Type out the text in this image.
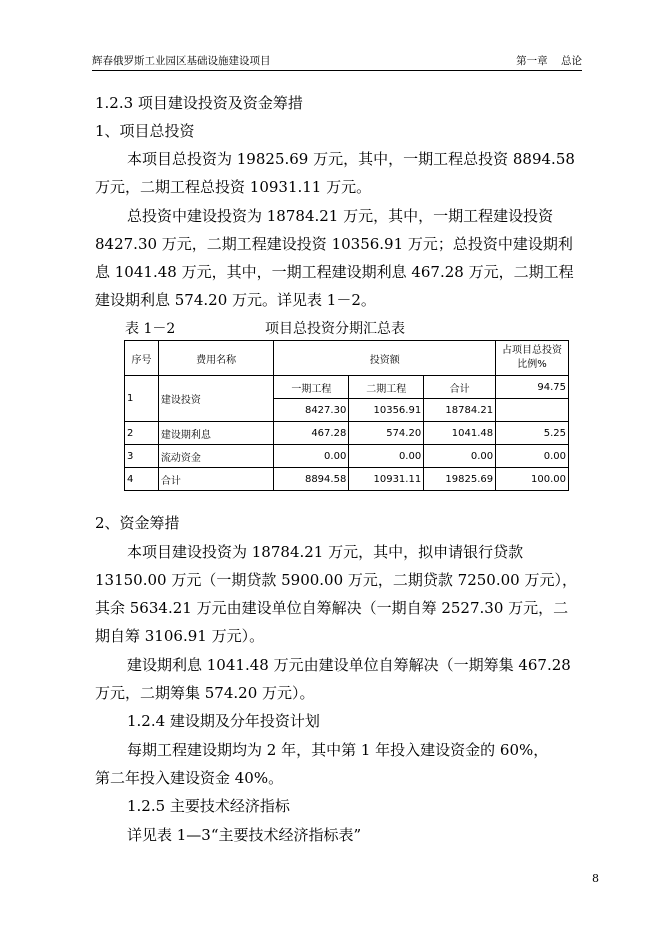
辉春俄罗斯工业园区基础设施建设项目	第一章 总论
1.2.3 项目建设投资及资金筹措
1、项目总投资
本项目总投资为 19825.69 万元，其中，一期工程总投资 8894.58
万元，二期工程总投资 10931.11 万元。
总投资中建设投资为 18784.21 万元，其中，一期工程建设投资
8427.30 万元，二期工程建设投资 10356.91 万元；总投资中建设期利
息 1041.48 万元，其中，一期工程建设期利息 467.28 万元，二期工程
建设期利息 574.20 万元。详见表 1－2。
表 1－2	项目总投资分期汇总表
序号	费用名称	投资额			占项目总投资比例%
1	建设投资	一期工程	二期工程	合计	94.75
		8427.30	10356.91	18784.21	
2	建设期利息	467.28	574.20	1041.48	5.25
3	流动资金	0.00	0.00	0.00	0.00
4	合计	8894.58	10931.11	19825.69	100.00
2、资金筹措
本项目建设投资为 18784.21 万元，其中，拟申请银行贷款
13150.00 万元（一期贷款 5900.00 万元，二期贷款 7250.00 万元），
其余 5634.21 万元由建设单位自筹解决（一期自筹 2527.30 万元，二
期自筹 3106.91 万元）。
建设期利息 1041.48 万元由建设单位自筹解决（一期筹集 467.28
万元，二期筹集 574.20 万元）。
1.2.4 建设期及分年投资计划
每期工程建设期均为 2 年，其中第 1 年投入建设资金的 60%，
第二年投入建设资金 40%。
1.2.5 主要技术经济指标
详见表 1—3“主要技术经济指标表”
8
